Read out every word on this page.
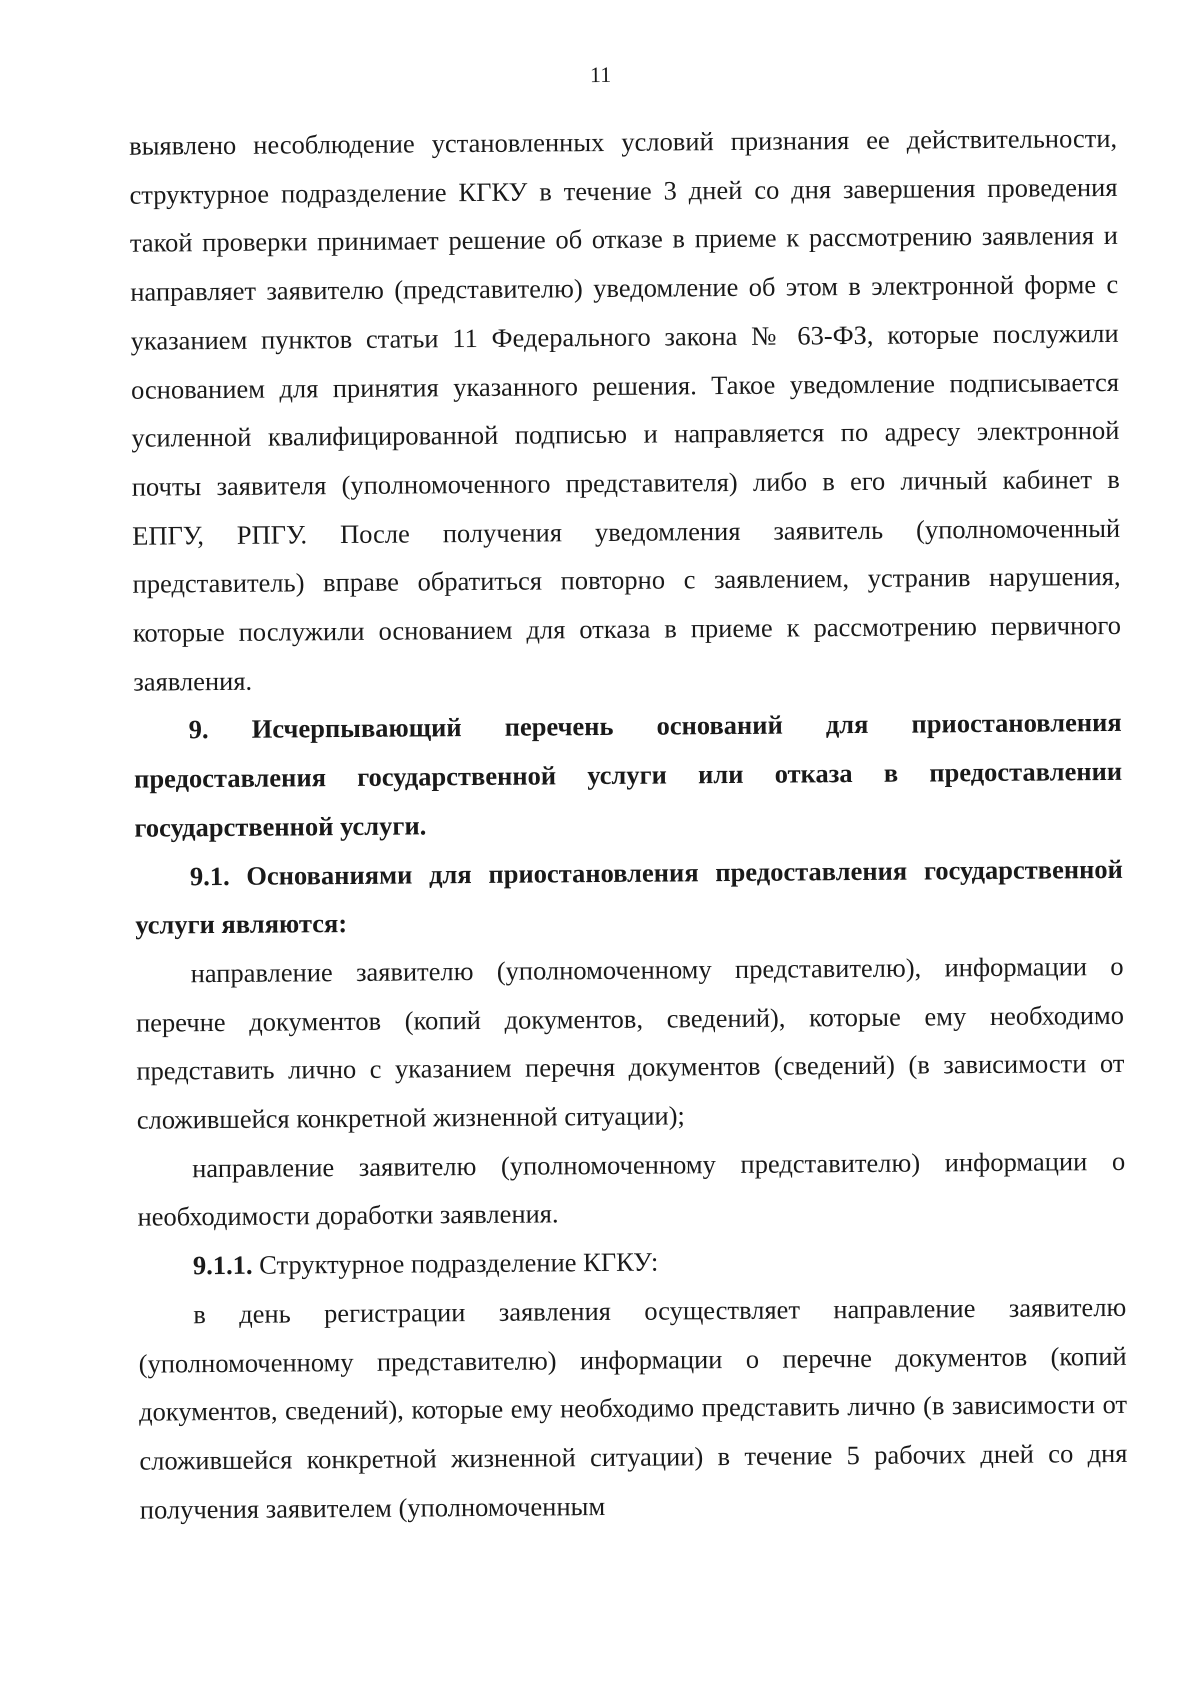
11

выявлено несоблюдение установленных условий признания ее действительности, структурное подразделение КГКУ в течение 3 дней со дня завершения проведения такой проверки принимает решение об отказе в приеме к рассмотрению заявления и направляет заявителю (представителю) уведомление об этом в электронной форме с указанием пунктов статьи 11 Федерального закона № 63-ФЗ, которые послужили основанием для принятия указанного решения. Такое уведомление подписывается усиленной квалифицированной подписью и направляется по адресу электронной почты заявителя (уполномоченного представителя) либо в его личный кабинет в ЕПГУ, РПГУ. После получения уведомления заявитель (уполномоченный представитель) вправе обратиться повторно с заявлением, устранив нарушения, которые послужили основанием для отказа в приеме к рассмотрению первичного заявления.

9. Исчерпывающий перечень оснований для приостановления предоставления государственной услуги или отказа в предоставлении государственной услуги.

9.1. Основаниями для приостановления предоставления государственной услуги являются:

направление заявителю (уполномоченному представителю), информации о перечне документов (копий документов, сведений), которые ему необходимо представить лично с указанием перечня документов (сведений) (в зависимости от сложившейся конкретной жизненной ситуации);

направление заявителю (уполномоченному представителю) информации о необходимости доработки заявления.

9.1.1. Структурное подразделение КГКУ:

в день регистрации заявления осуществляет направление заявителю (уполномоченному представителю) информации о перечне документов (копий документов, сведений), которые ему необходимо представить лично (в зависимости от сложившейся конкретной жизненной ситуации) в течение 5 рабочих дней со дня получения заявителем (уполномоченным
